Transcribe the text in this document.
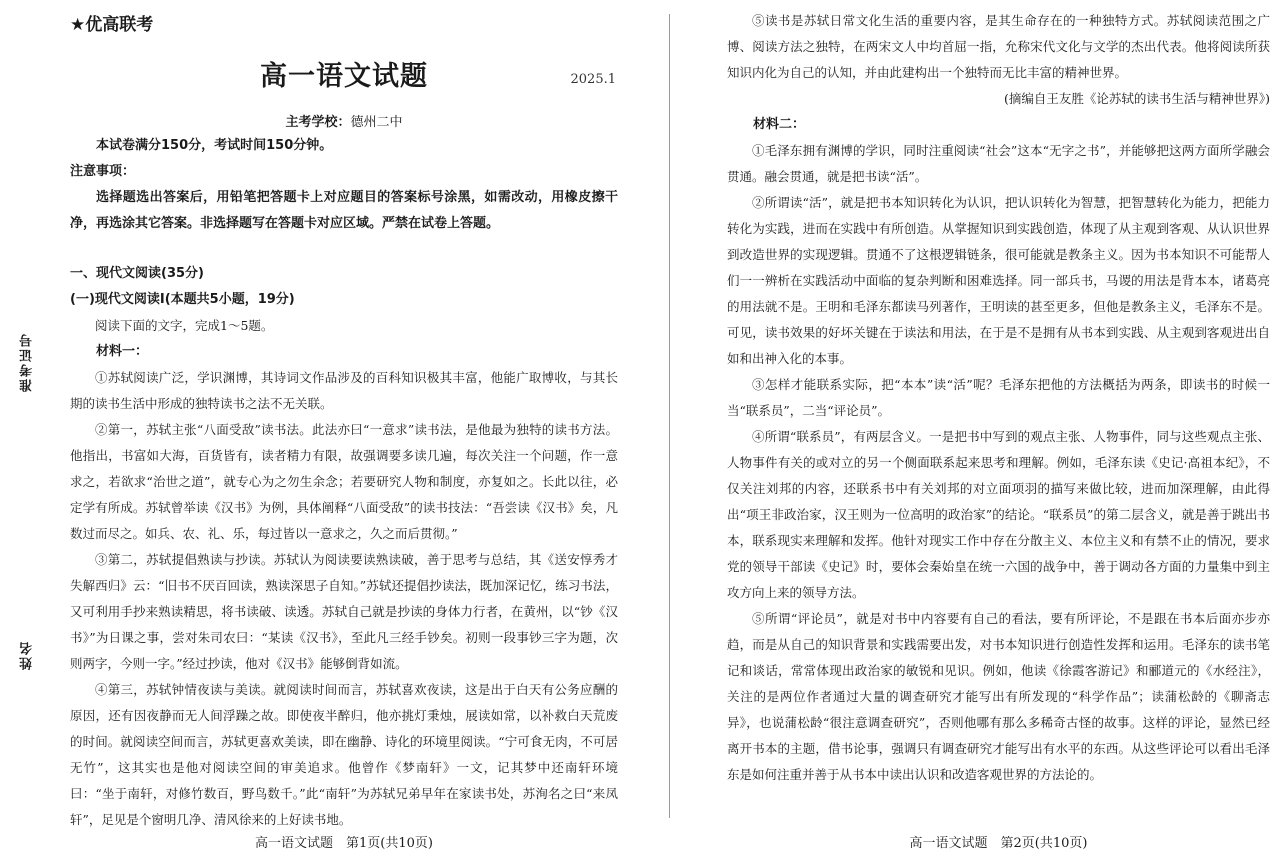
准考证号
姓名
★优高联考
高一语文试题	2025.1
主考学校：德州二中
本试卷满分150分，考试时间150分钟。
注意事项：
选择题选出答案后，用铅笔把答题卡上对应题目的答案标号涂黑，如需改动，用橡皮擦干净，再选涂其它答案。非选择题写在答题卡对应区域。严禁在试卷上答题。
一、现代文阅读(35分)
(一)现代文阅读Ⅰ(本题共5小题，19分)
阅读下面的文字，完成1～5题。
材料一：
①苏轼阅读广泛，学识渊博，其诗词文作品涉及的百科知识极其丰富，他能广取博收，与其长期的读书生活中形成的独特读书之法不无关联。
②第一，苏轼主张“八面受敌”读书法。此法亦曰“一意求”读书法，是他最为独特的读书方法。他指出，书富如大海，百货皆有，读者精力有限，故强调要多读几遍，每次关注一个问题，作一意求之，若欲求“治世之道”，就专心为之勿生余念；若要研究人物和制度，亦复如之。长此以往，必定学有所成。苏轼曾举读《汉书》为例，具体阐释“八面受敌”的读书技法：“吾尝读《汉书》矣，凡数过而尽之。如兵、农、礼、乐，每过皆以一意求之，久之而后贯彻。”
③第二，苏轼提倡熟读与抄读。苏轼认为阅读要读熟读破，善于思考与总结，其《送安惇秀才失解西归》云：“旧书不厌百回读，熟读深思子自知。”苏轼还提倡抄读法，既加深记忆，练习书法，又可利用手抄来熟读精思，将书读破、读透。苏轼自己就是抄读的身体力行者，在黄州，以“钞《汉书》”为日课之事，尝对朱司农曰：“某读《汉书》，至此凡三经手钞矣。初则一段事钞三字为题，次则两字，今则一字。”经过抄读，他对《汉书》能够倒背如流。
④第三，苏轼钟情夜读与美读。就阅读时间而言，苏轼喜欢夜读，这是出于白天有公务应酬的原因，还有因夜静而无人间浮躁之故。即使夜半醉归，他亦挑灯秉烛，展读如常，以补救白天荒废的时间。就阅读空间而言，苏轼更喜欢美读，即在幽静、诗化的环境里阅读。“宁可食无肉，不可居无竹”，这其实也是他对阅读空间的审美追求。他曾作《梦南轩》一文，记其梦中还南轩环境曰：“坐于南轩，对修竹数百，野鸟数千。”此“南轩”为苏轼兄弟早年在家读书处，苏洵名之曰“来凤轩”，足见是个窗明几净、清风徐来的上好读书地。
高一语文试题　第1页(共10页)
⑤读书是苏轼日常文化生活的重要内容，是其生命存在的一种独特方式。苏轼阅读范围之广博、阅读方法之独特，在两宋文人中均首屈一指，允称宋代文化与文学的杰出代表。他将阅读所获知识内化为自己的认知，并由此建构出一个独特而无比丰富的精神世界。
(摘编自王友胜《论苏轼的读书生活与精神世界》)
材料二：
①毛泽东拥有渊博的学识，同时注重阅读“社会”这本“无字之书”，并能够把这两方面所学融会贯通。融会贯通，就是把书读“活”。
②所谓读“活”，就是把书本知识转化为认识，把认识转化为智慧，把智慧转化为能力，把能力转化为实践，进而在实践中有所创造。从掌握知识到实践创造，体现了从主观到客观、从认识世界到改造世界的实现逻辑。贯通不了这根逻辑链条，很可能就是教条主义。因为书本知识不可能帮人们一一辨析在实践活动中面临的复杂判断和困难选择。同一部兵书，马谡的用法是背本本，诸葛亮的用法就不是。王明和毛泽东都读马列著作，王明读的甚至更多，但他是教条主义，毛泽东不是。可见，读书效果的好坏关键在于读法和用法，在于是不是拥有从书本到实践、从主观到客观进出自如和出神入化的本事。
③怎样才能联系实际，把“本本”读“活”呢？毛泽东把他的方法概括为两条，即读书的时候一当“联系员”，二当“评论员”。
④所谓“联系员”，有两层含义。一是把书中写到的观点主张、人物事件，同与这些观点主张、人物事件有关的或对立的另一个侧面联系起来思考和理解。例如，毛泽东读《史记·高祖本纪》，不仅关注刘邦的内容，还联系书中有关刘邦的对立面项羽的描写来做比较，进而加深理解，由此得出“项王非政治家，汉王则为一位高明的政治家”的结论。“联系员”的第二层含义，就是善于跳出书本，联系现实来理解和发挥。他针对现实工作中存在分散主义、本位主义和有禁不止的情况，要求党的领导干部读《史记》时，要体会秦始皇在统一六国的战争中，善于调动各方面的力量集中到主攻方向上来的领导方法。
⑤所谓“评论员”，就是对书中内容要有自己的看法，要有所评论，不是跟在书本后面亦步亦趋，而是从自己的知识背景和实践需要出发，对书本知识进行创造性发挥和运用。毛泽东的读书笔记和谈话，常常体现出政治家的敏锐和见识。例如，他读《徐霞客游记》和郦道元的《水经注》，关注的是两位作者通过大量的调查研究才能写出有所发现的“科学作品”；读蒲松龄的《聊斋志异》，也说蒲松龄“很注意调查研究”，否则他哪有那么多稀奇古怪的故事。这样的评论，显然已经离开书本的主题，借书论事，强调只有调查研究才能写出有水平的东西。从这些评论可以看出毛泽东是如何注重并善于从书本中读出认识和改造客观世界的方法论的。
高一语文试题　第2页(共10页)
